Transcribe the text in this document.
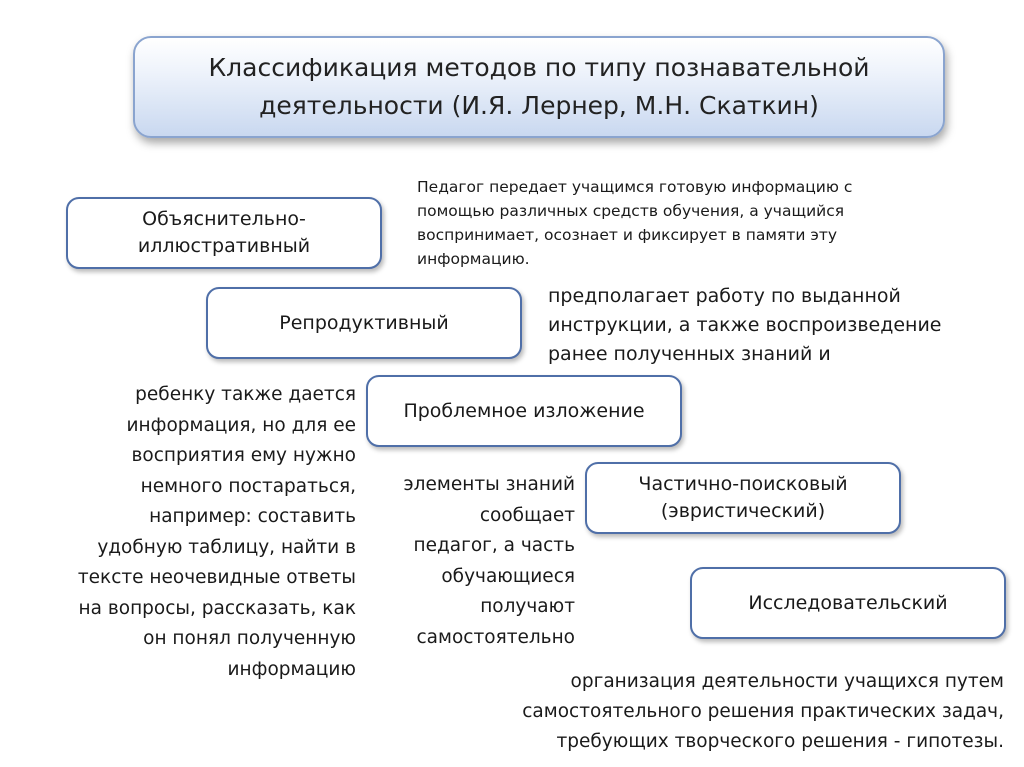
Классификация методов по типу познавательной
деятельности (И.Я. Лернер, М.Н. Скаткин)
Объяснительно-
иллюстративный
Репродуктивный
Проблемное изложение
Частично-поисковый
(эвристический)
Исследовательский
Педагог передает учащимся готовую информацию с
помощью различных средств обучения, а учащийся
воспринимает, осознает и фиксирует в памяти эту
информацию.
предполагает работу по выданной
инструкции, а также воспроизведение
ранее полученных знаний и
ребенку также дается
информация, но для ее
восприятия ему нужно
немного постараться,
например: составить
удобную таблицу, найти в
тексте неочевидные ответы
на вопросы, рассказать, как
он понял полученную
информацию
элементы знаний
сообщает
педагог, а часть
обучающиеся
получают
самостоятельно
организация деятельности учащихся путем
самостоятельного решения практических задач,
требующих творческого решения - гипотезы.
